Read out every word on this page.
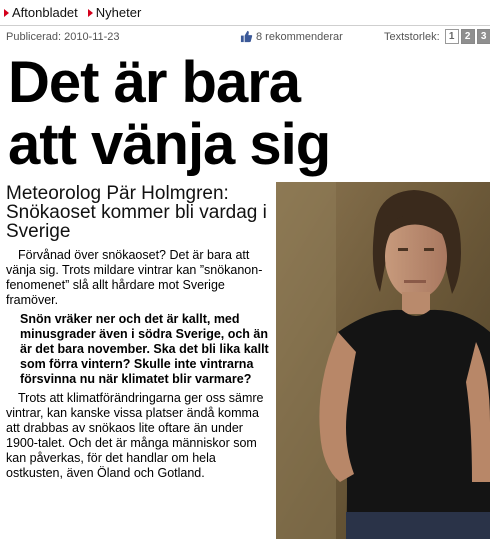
Aftonbladet Nyheter
Publicerad: 2010-11-23	8 rekommenderar	Textstorlek: 1	2	3
Det är bara
att vänja sig
Meteorolog Pär Holmgren: Snökaoset kommer bli vardag i Sverige

Förvånad över snökaoset? Det är bara att vänja sig. Trots mildare vintrar kan ”snökanon-fenomenet” slå allt hårdare mot Sverige framöver.

Snön vräker ner och det är kallt, med minusgrader även i södra Sverige, och än är det bara november. Ska det bli lika kallt som förra vintern? Skulle inte vintrarna försvinna nu när klimatet blir varmare?

Trots att klimatförändringarna ger oss sämre vintrar, kan kanske vissa platser ändå komma att drabbas av snökaos lite oftare än under 1900-talet. Och det är många människor som kan påverkas, för det handlar om hela ostkusten, även Öland och Gotland.
